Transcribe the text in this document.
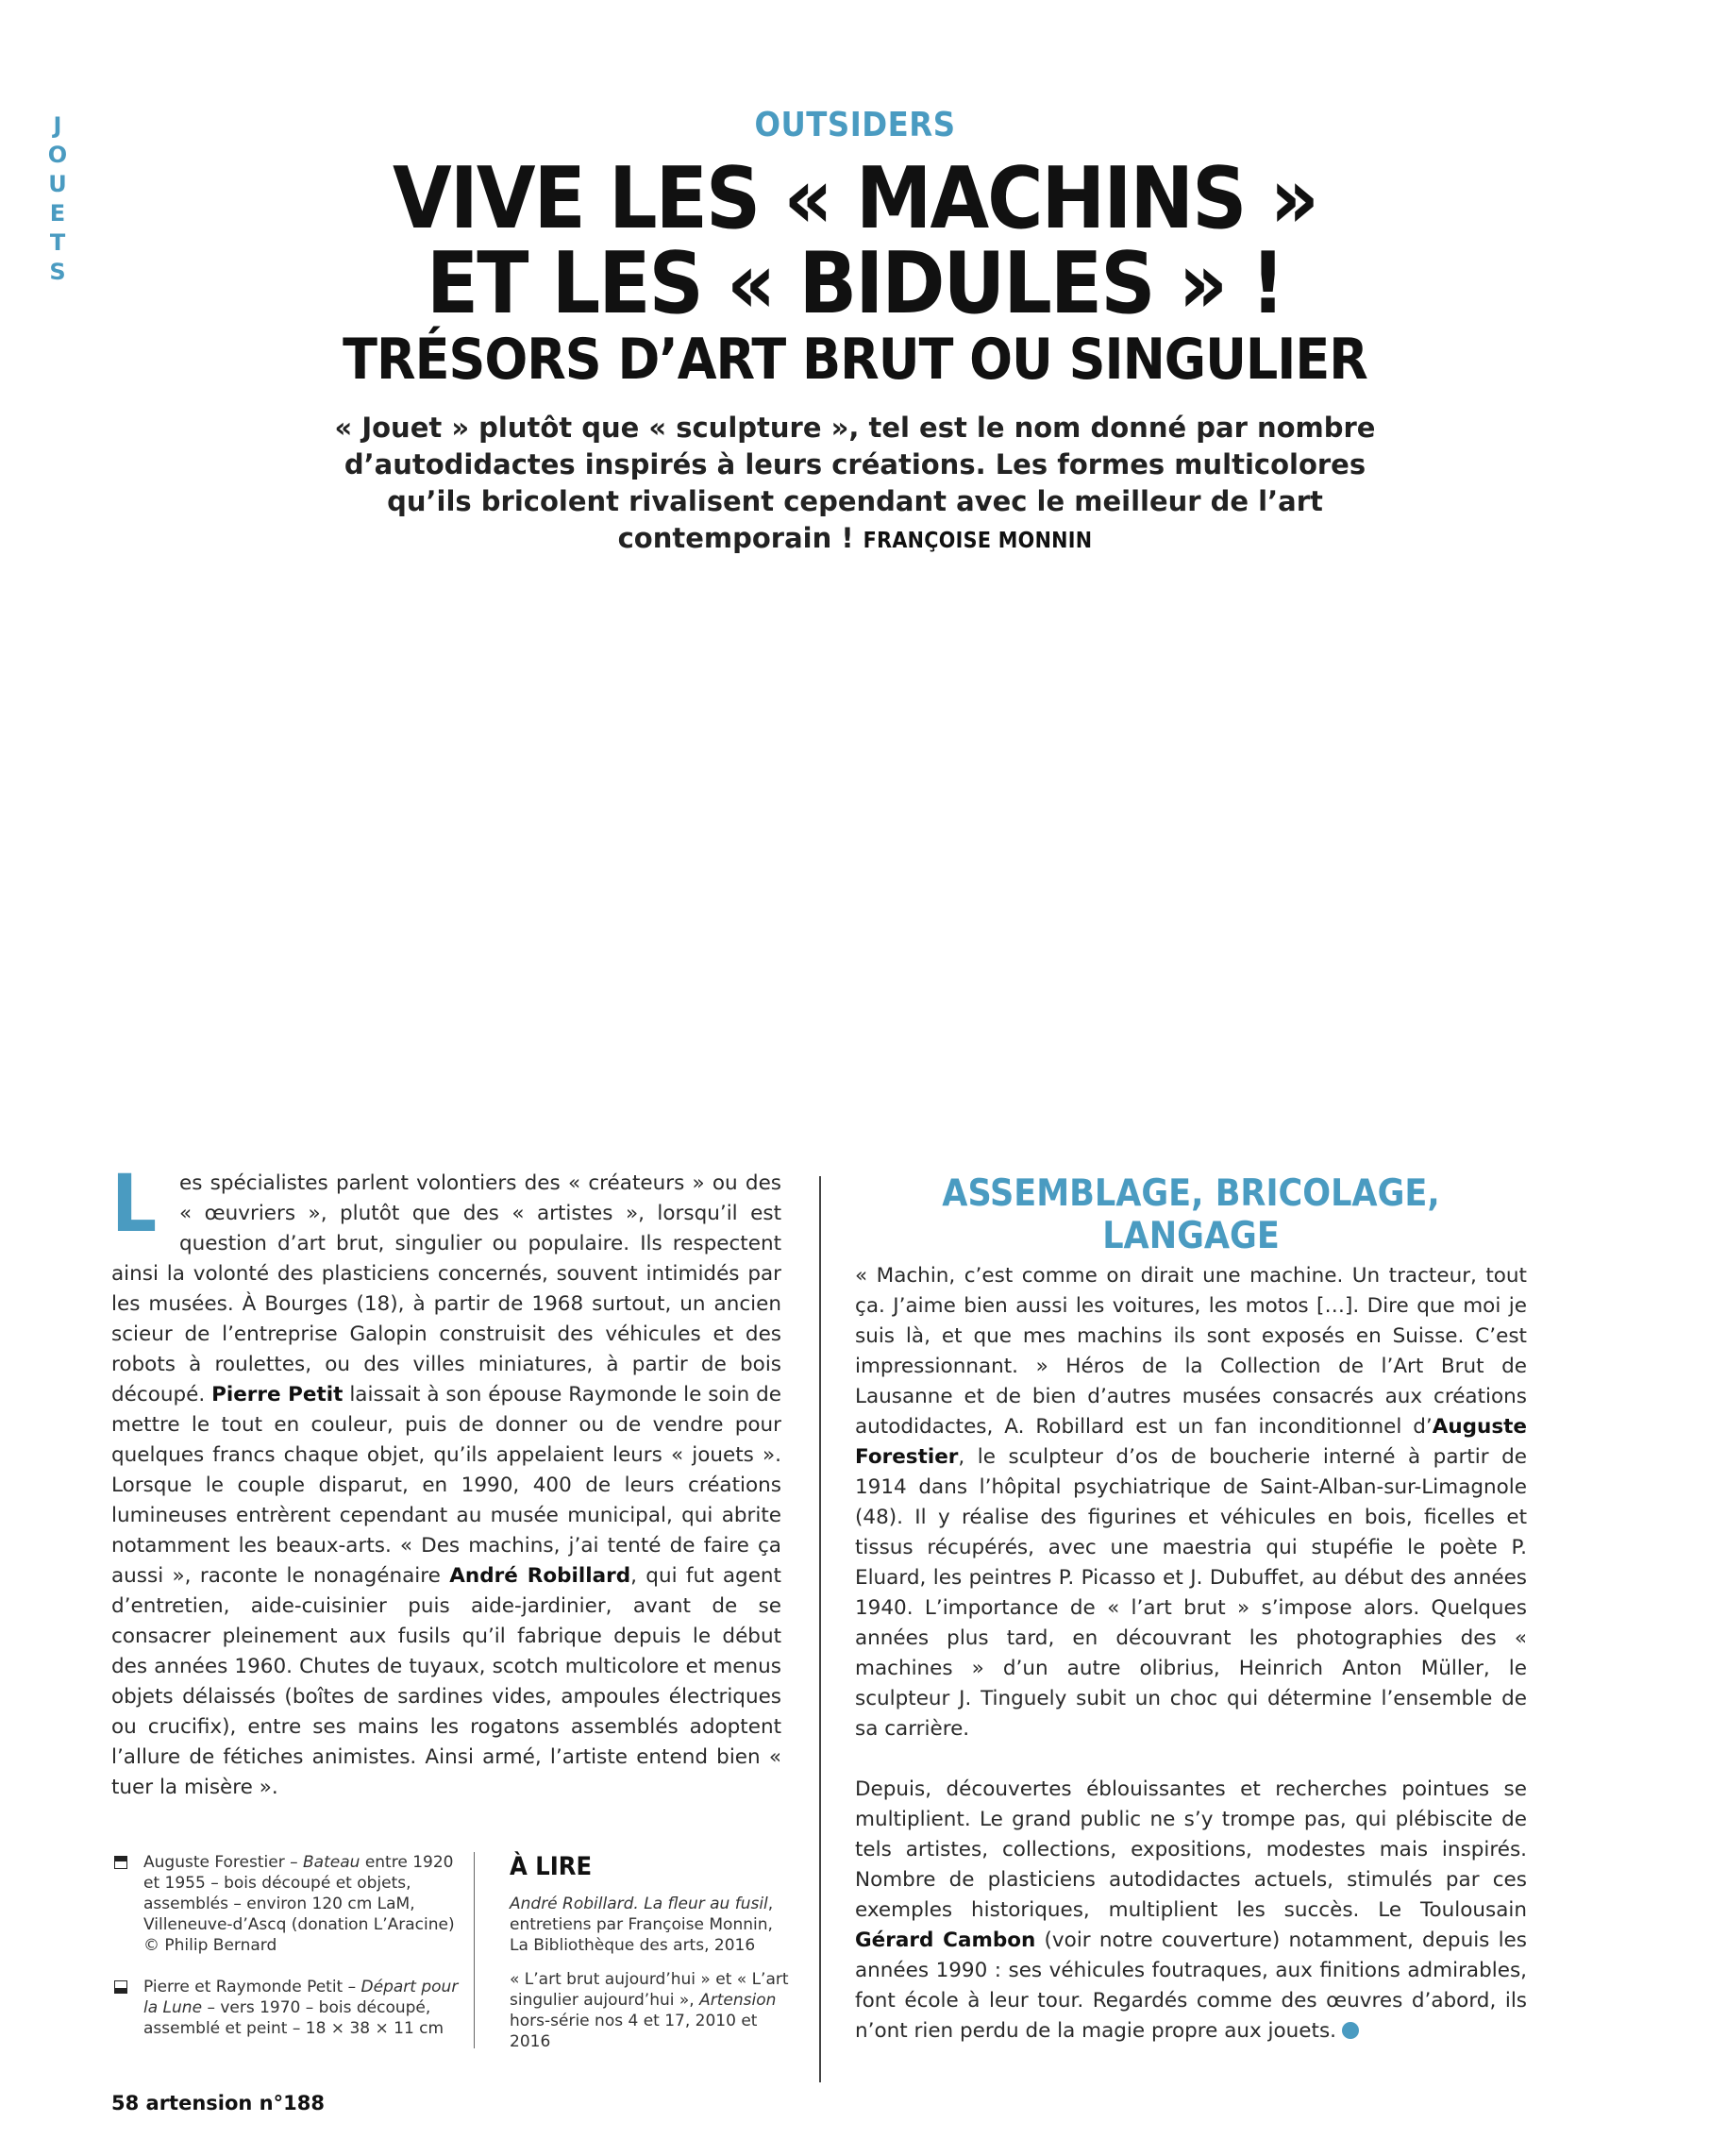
J
O
U
E
T
S
OUTSIDERS
VIVE LES « MACHINS »
ET LES « BIDULES » !
TRÉSORS D’ART BRUT OU SINGULIER
« Jouet » plutôt que « sculpture », tel est le nom donné par nombre d’autodidactes inspirés à leurs créations. Les formes multicolores qu’ils bricolent rivalisent cependant avec le meilleur de l’art contemporain ! FRANÇOISE MONNIN

L es spécialistes parlent volontiers des « créateurs » ou des « œuvriers », plutôt que des « artistes », lorsqu’il est question d’art brut, singulier ou populaire. Ils respectent ainsi la volonté des plasticiens concernés, souvent intimidés par les musées. À Bourges (18), à partir de 1968 surtout, un ancien scieur de l’entreprise Galopin construisit des véhicules et des robots à roulettes, ou des villes miniatures, à partir de bois découpé. Pierre Petit laissait à son épouse Raymonde le soin de mettre le tout en couleur, puis de donner ou de vendre pour quelques francs chaque objet, qu’ils appelaient leurs « jouets ». Lorsque le couple disparut, en 1990, 400 de leurs créations lumineuses entrèrent cependant au musée municipal, qui abrite notamment les beaux-arts. « Des machins, j’ai tenté de faire ça aussi », raconte le nonagénaire André Robillard, qui fut agent d’entretien, aide-cuisinier puis aide-jardinier, avant de se consacrer pleinement aux fusils qu’il fabrique depuis le début des années 1960. Chutes de tuyaux, scotch multicolore et menus objets délaissés (boîtes de sardines vides, ampoules électriques ou crucifix), entre ses mains les rogatons assemblés adoptent l’allure de fétiches animistes. Ainsi armé, l’artiste entend bien « tuer la misère ».

ASSEMBLAGE, BRICOLAGE, LANGAGE

« Machin, c’est comme on dirait une machine. Un tracteur, tout ça. J’aime bien aussi les voitures, les motos […]. Dire que moi je suis là, et que mes machins ils sont exposés en Suisse. C’est impressionnant. » Héros de la Collection de l’Art Brut de Lausanne et de bien d’autres musées consacrés aux créations autodidactes, A. Robillard est un fan inconditionnel d’Auguste Forestier, le sculpteur d’os de boucherie interné à partir de 1914 dans l’hôpital psychiatrique de Saint-Alban-sur-Limagnole (48). Il y réalise des figurines et véhicules en bois, ficelles et tissus récupérés, avec une maestria qui stupéfie le poète P. Eluard, les peintres P. Picasso et J. Dubuffet, au début des années 1940. L’importance de « l’art brut » s’impose alors. Quelques années plus tard, en découvrant les photographies des « machines » d’un autre olibrius, Heinrich Anton Müller, le sculpteur J. Tinguely subit un choc qui détermine l’ensemble de sa carrière.

Depuis, découvertes éblouissantes et recherches pointues se multiplient. Le grand public ne s’y trompe pas, qui plébiscite de tels artistes, collections, expositions, modestes mais inspirés. Nombre de plasticiens autodidactes actuels, stimulés par ces exemples historiques, multiplient les succès. Le Toulousain Gérard Cambon (voir notre couverture) notamment, depuis les années 1990 : ses véhicules foutraques, aux finitions admirables, font école à leur tour. Regardés comme des œuvres d’abord, ils n’ont rien perdu de la magie propre aux jouets.

Auguste Forestier – Bateau entre 1920 et 1955 – bois découpé et objets, assemblés – environ 120 cm LaM, Villeneuve-d’Ascq (donation L’Aracine) © Philip Bernard
Pierre et Raymonde Petit – Départ pour la Lune – vers 1970 – bois découpé, assemblé et peint – 18 × 38 × 11 cm
À LIRE

André Robillard. La fleur au fusil, entretiens par Françoise Monnin, La Bibliothèque des arts, 2016

« L’art brut aujourd’hui » et « L’art singulier aujourd’hui », Artension hors-série nos 4 et 17, 2010 et 2016

58 artension n°188
